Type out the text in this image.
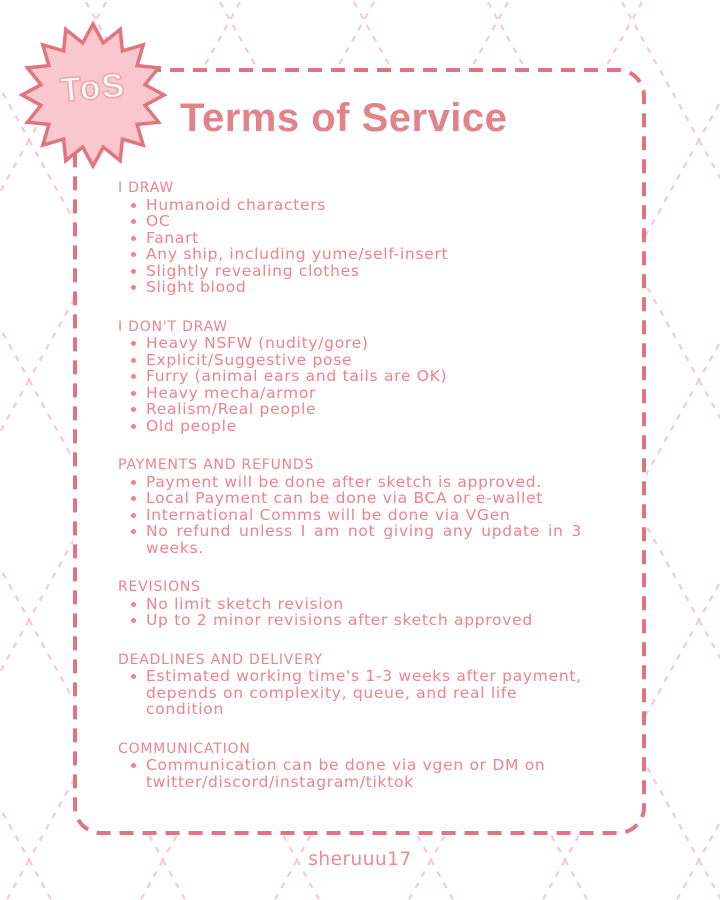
ToS
Terms of Service
I DRAW
Humanoid characters
OC
Fanart
Any ship, including yume/self-insert
Slightly revealing clothes
Slight blood
I DON'T DRAW
Heavy NSFW (nudity/gore)
Explicit/Suggestive pose
Furry (animal ears and tails are OK)
Heavy mecha/armor
Realism/Real people
Old people
PAYMENTS AND REFUNDS
Payment will be done after sketch is approved.
Local Payment can be done via BCA or e-wallet
International Comms will be done via VGen
No refund unless I am not giving any update in 3 weeks.
REVISIONS
No limit sketch revision
Up to 2 minor revisions after sketch approved
DEADLINES AND DELIVERY
Estimated working time's 1-3 weeks after payment, depends on complexity, queue, and real life condition
COMMUNICATION
Communication can be done via vgen or DM on twitter/discord/instagram/tiktok
sheruuu17
